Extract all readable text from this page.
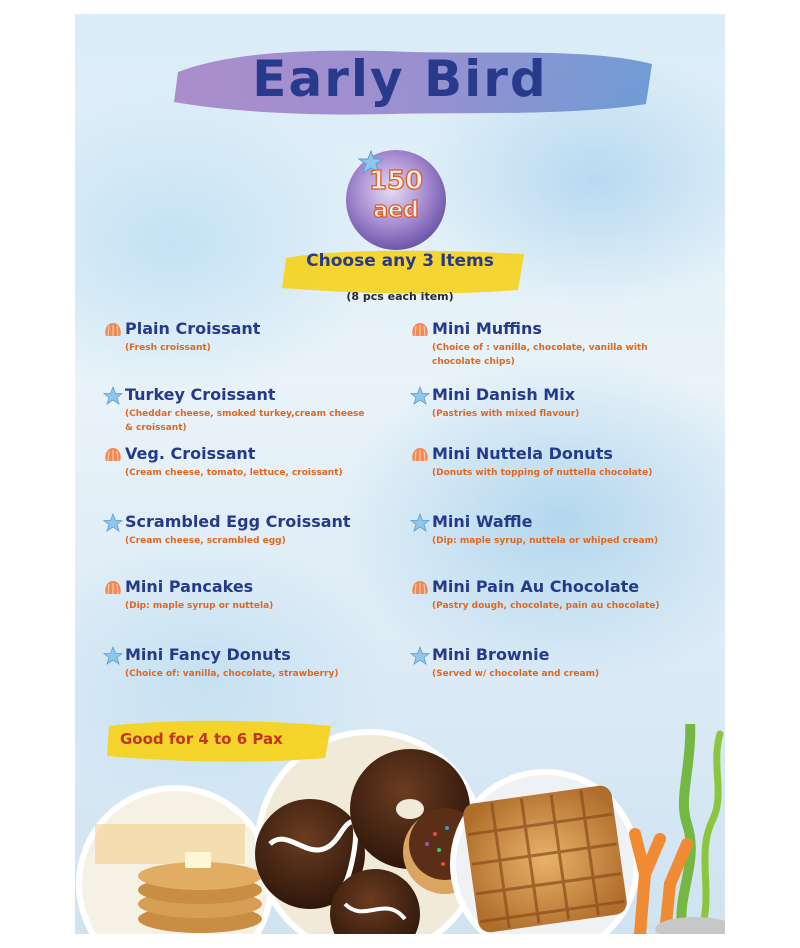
Early Bird
150
aed
Choose any 3 Items
(8 pcs each item)
Plain Croissant
(Fresh croissant)
Turkey Croissant
(Cheddar cheese, smoked turkey,cream cheese & croissant)
Veg. Croissant
(Cream cheese, tomato, lettuce, croissant)
Scrambled Egg Croissant
(Cream cheese, scrambled egg)
Mini Pancakes
(Dip: maple syrup or nuttela)
Mini Fancy Donuts
(Choice of: vanilla, chocolate, strawberry)
Mini Muffins
(Choice of : vanilla, chocolate, vanilla with chocolate chips)
Mini Danish Mix
(Pastries with mixed flavour)
Mini Nuttela Donuts
(Donuts with topping of nuttella chocolate)
Mini Waffle
(Dip: maple syrup, nuttela or whiped cream)
Mini Pain Au Chocolate
(Pastry dough, chocolate, pain au chocolate)
Mini Brownie
(Served w/ chocolate and cream)
Good for 4 to 6 Pax
